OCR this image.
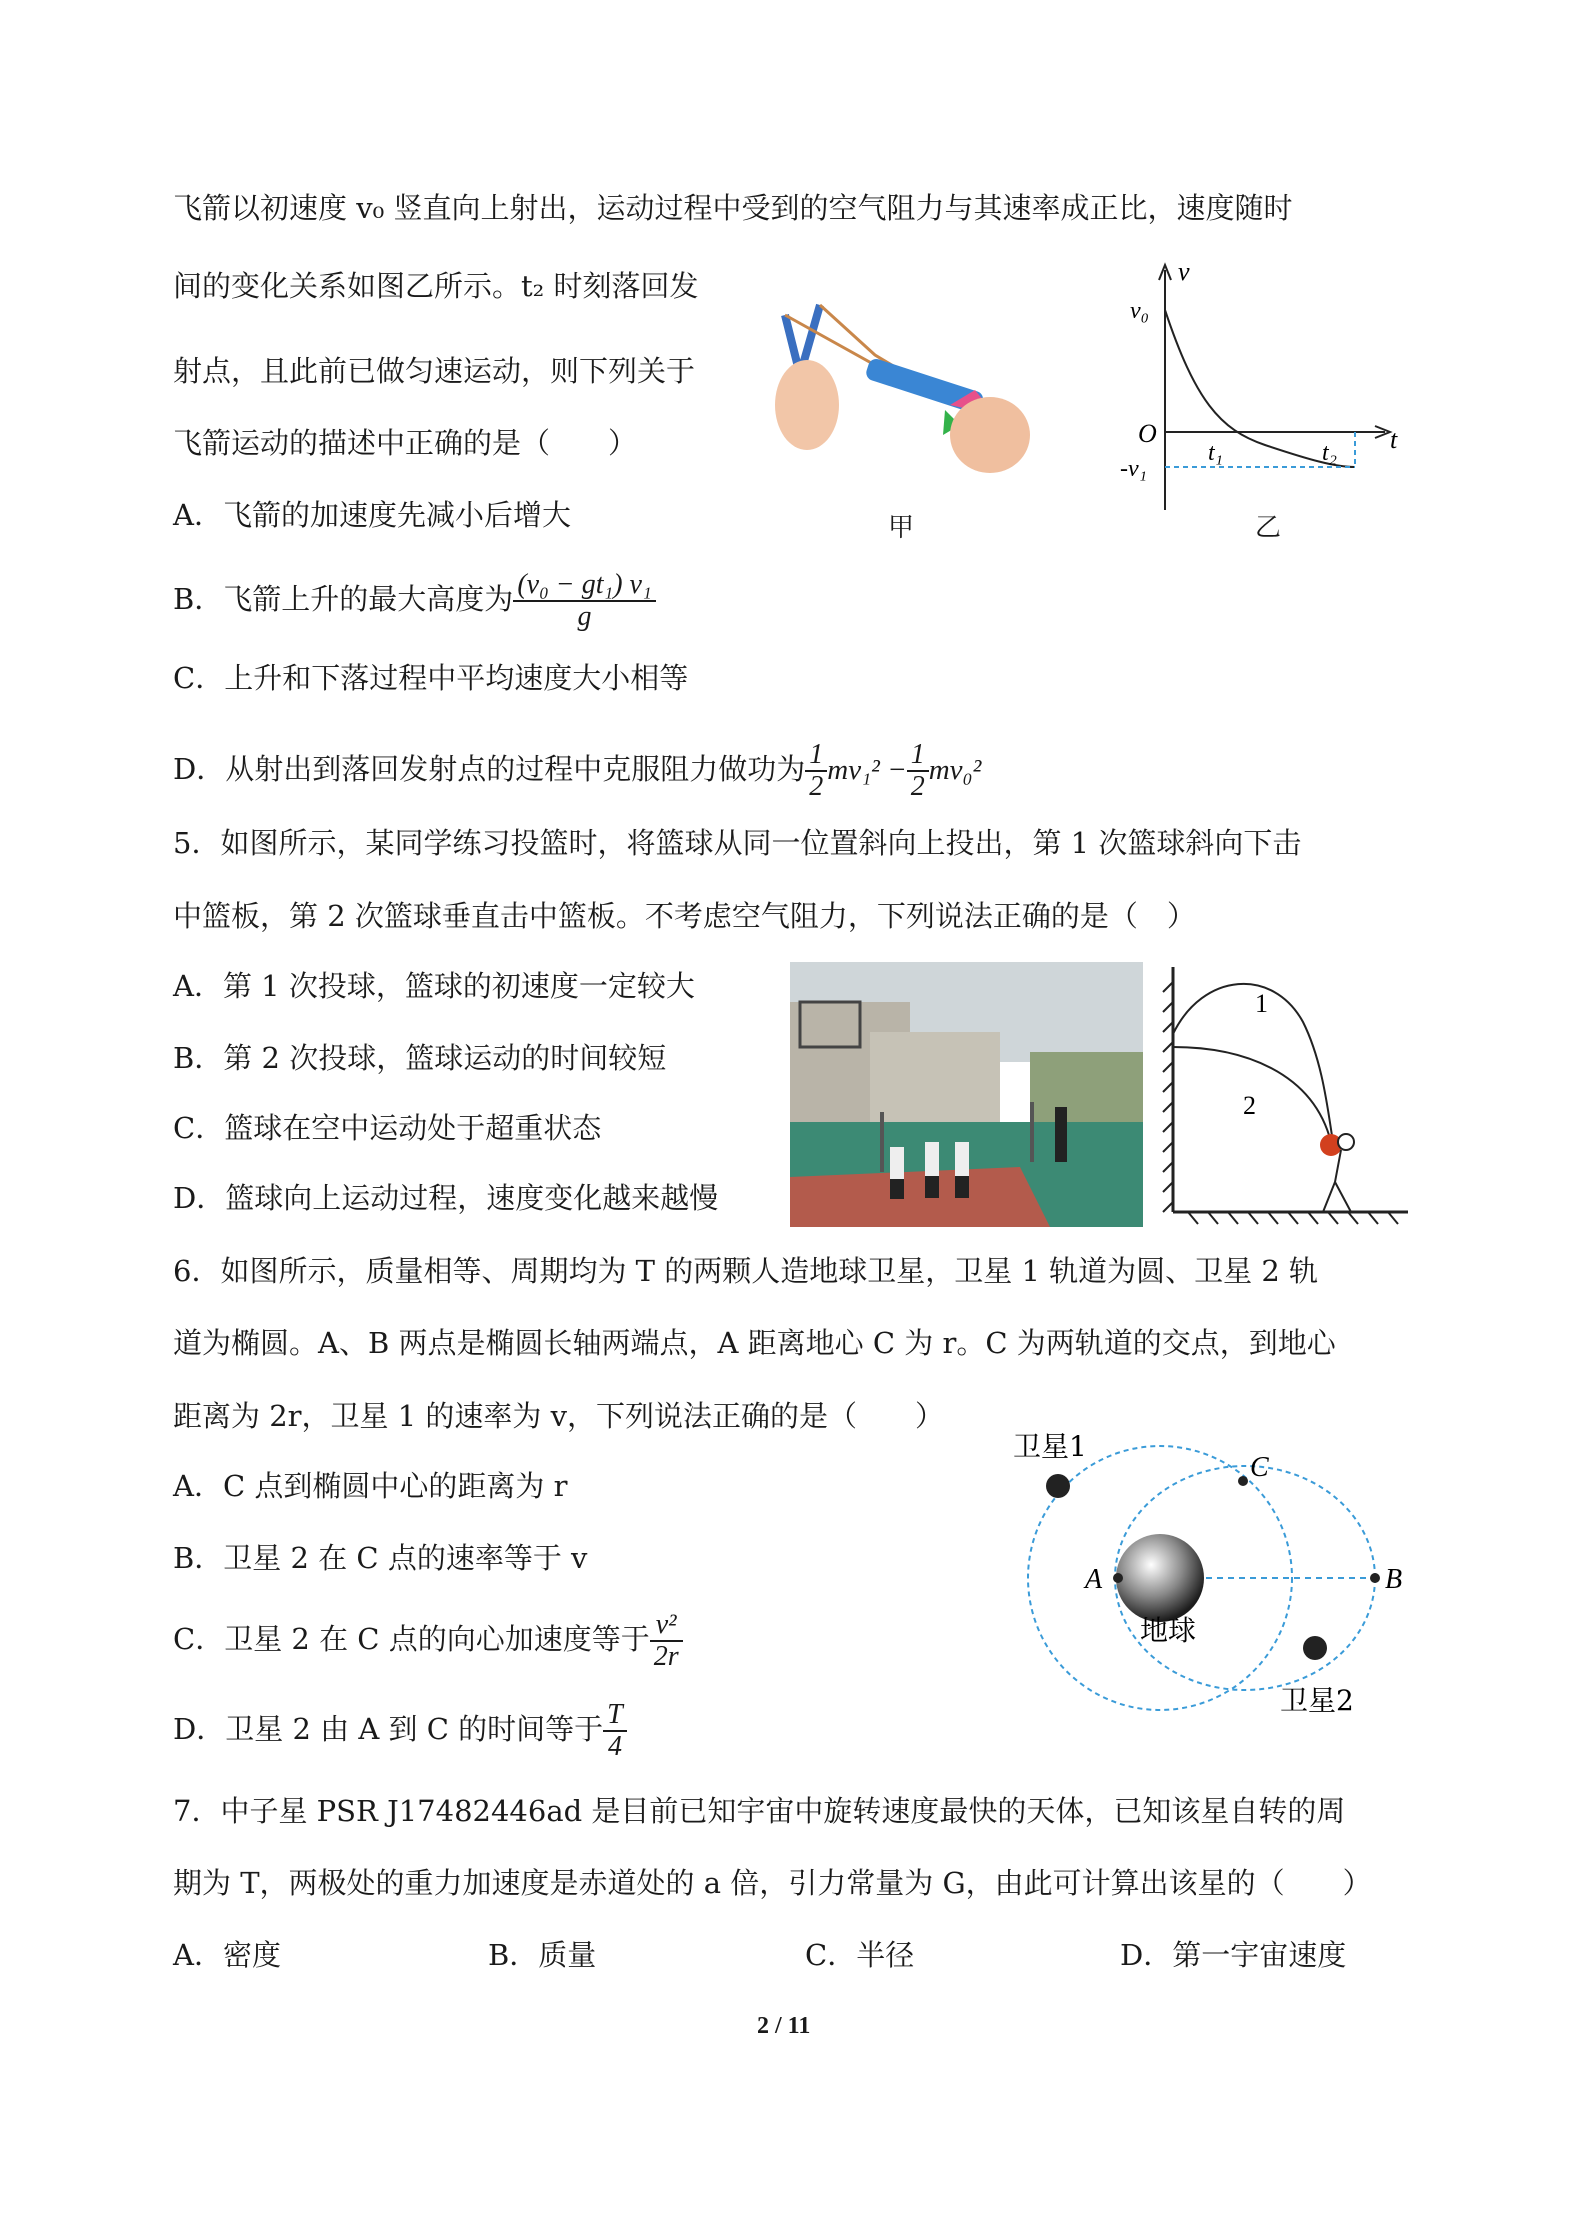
飞箭以初速度 v₀ 竖直向上射出，运动过程中受到的空气阻力与其速率成正比，速度随时
间的变化关系如图乙所示。t₂ 时刻落回发
射点，且此前已做匀速运动，则下列关于
飞箭运动的描述中正确的是（　　）
A．飞箭的加速度先减小后增大
B．飞箭上升的最大高度为 $\frac{\text{(v₀ − gt₁) v₁}}{g}$
C．上升和下落过程中平均速度大小相等
D．从射出到落回发射点的过程中克服阻力做功为 $\frac{1}{2} mv_1^2 - \frac{1}{2} mv_0^2$
甲
v
t
v₀
O
t₁	t₂
-v₁
乙
5．如图所示，某同学练习投篮时，将篮球从同一位置斜向上投出，第 1 次篮球斜向下击
中篮板，第 2 次篮球垂直击中篮板。不考虑空气阻力，下列说法正确的是（　）
A．第 1 次投球，篮球的初速度一定较大
B．第 2 次投球，篮球运动的时间较短
C．篮球在空中运动处于超重状态
D．篮球向上运动过程，速度变化越来越慢
1
2
6．如图所示，质量相等、周期均为 T 的两颗人造地球卫星，卫星 1 轨道为圆、卫星 2 轨
道为椭圆。A、B 两点是椭圆长轴两端点，A 距离地心 C 为 r。C 为两轨道的交点，到地心
距离为 2r，卫星 1 的速率为 v，下列说法正确的是（　　）
A．C 点到椭圆中心的距离为 r
B．卫星 2 在 C 点的速率等于 v
C．卫星 2 在 C 点的向心加速度等于 $\frac{\text{v²}}{2r}$
D．卫星 2 由 A 到 C 的时间等于 $\frac{T}{4}$
卫星1
卫星2
地球
A	B
C
7．中子星 PSR J17482446ad 是目前已知宇宙中旋转速度最快的天体，已知该星自转的周
期为 T，两极处的重力加速度是赤道处的 a 倍，引力常量为 G，由此可计算出该星的（　　）
A．密度	B．质量	C．半径	D．第一宇宙速度
2 / 11
